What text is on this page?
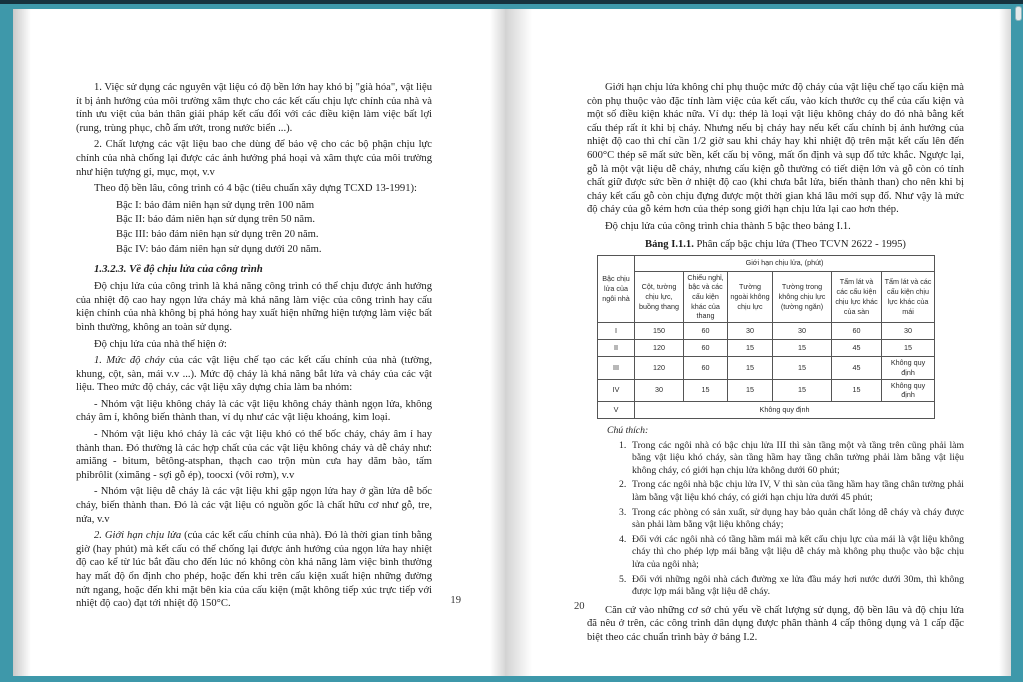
1. Việc sử dụng các nguyên vật liệu có độ bền lớn hay khó bị "già hóa", vật liệu ít bị ảnh hưởng của môi trường xâm thực cho các kết cấu chịu lực chính của nhà và tính ưu việt của bản thân giải pháp kết cấu đối với các điều kiện làm việc bất lợi (rung, trùng phục, chỗ ẩm ướt, trong nước biển ...).

2. Chất lượng các vật liệu bao che dùng để bảo vệ cho các bộ phận chịu lực chính của nhà chống lại được các ảnh hưởng phá hoại và xâm thực của môi trường như hiện tượng gỉ, mục, mọt, v.v

Theo độ bền lâu, công trình có 4 bậc (tiêu chuẩn xây dựng TCXD 13-1991):

Bậc I: bảo đảm niên hạn sử dụng trên 100 năm
Bậc II: bảo đảm niên hạn sử dụng trên 50 năm.
Bậc III: bảo đảm niên hạn sử dụng trên 20 năm.
Bậc IV: bảo đảm niên hạn sử dụng dưới 20 năm.

1.3.2.3. Về độ chịu lửa của công trình

Độ chịu lửa của công trình là khả năng công trình có thể chịu được ảnh hưởng của nhiệt độ cao hay ngọn lửa cháy mà khả năng làm việc của công trình hay cấu kiện chính của nhà không bị phá hỏng hay xuất hiện những hiện tượng làm việc bất bình thường, không an toàn sử dụng.

Độ chịu lửa của nhà thể hiện ở:

1. Mức độ cháy của các vật liệu chế tạo các kết cấu chính của nhà (tường, khung, cột, sàn, mái v.v ...). Mức độ cháy là khả năng bắt lửa và cháy của các vật liệu. Theo mức độ cháy, các vật liệu xây dựng chia làm ba nhóm:

- Nhóm vật liệu không cháy là các vật liệu không cháy thành ngọn lửa, không cháy âm ỉ, không biến thành than, ví dụ như các vật liệu khoáng, kim loại.

- Nhóm vật liệu khó cháy là các vật liệu khó có thể bốc cháy, cháy âm ỉ hay thành than. Đó thường là các hợp chất của các vật liệu không cháy và dễ cháy như: amiăng - bitum, bêtông-atsphan, thạch cao trộn mùn cưa hay dăm bào, tấm phibrôlit (ximăng - sợi gỗ ép), toocxi (vôi rơm), v.v

- Nhóm vật liệu dễ cháy là các vật liệu khi gặp ngọn lửa hay ở gần lửa dễ bốc cháy, biến thành than. Đó là các vật liệu có nguồn gốc là chất hữu cơ như gỗ, tre, nứa, v.v

2. Giới hạn chịu lửa (của các kết cấu chính của nhà). Đó là thời gian tính bằng giờ (hay phút) mà kết cấu có thể chống lại được ảnh hưởng của ngọn lửa hay nhiệt độ cao kể từ lúc bắt đầu cho đến lúc nó không còn khả năng làm việc bình thường hay mất độ ổn định cho phép, hoặc đến khi trên cấu kiện xuất hiện những đường nứt ngang, hoặc đến khi mặt bên kia của cấu kiện (mặt không tiếp xúc trực tiếp với nhiệt độ cao) đạt tới nhiệt độ 150°C.	19

Giới hạn chịu lửa không chỉ phụ thuộc mức độ cháy của vật liệu chế tạo cấu kiện mà còn phụ thuộc vào đặc tính làm việc của kết cấu, vào kích thước cụ thể của cấu kiện và một số điều kiện khác nữa. Ví dụ: thép là loại vật liệu không cháy do đó nhà bằng kết cấu thép rất ít khi bị cháy. Nhưng nếu bị cháy hay nếu kết cấu chính bị ảnh hưởng của nhiệt độ cao thì chỉ cần 1/2 giờ sau khi cháy hay khi nhiệt độ trên mặt kết cấu lên đến 600°C thép sẽ mất sức bền, kết cấu bị võng, mất ổn định và sụp đổ tức khắc. Ngược lại, gỗ là một vật liệu dễ cháy, nhưng cấu kiện gỗ thường có tiết diện lớn và gỗ còn có tính chất giữ được sức bền ở nhiệt độ cao (khi chưa bắt lửa, biến thành than) cho nên khi bị cháy kết cấu gỗ còn chịu đựng được một thời gian khá lâu mới sụp đổ. Như vậy là mức độ cháy của gỗ kém hơn của thép song giới hạn chịu lửa lại cao hơn thép.

Độ chịu lửa của công trình chia thành 5 bậc theo bảng I.1.

Bảng I.1.1. Phân cấp bậc chịu lửa (Theo TCVN 2622 - 1995)

Bậc chịu lửa của ngôi nhà	Giới hạn chịu lửa, (phút)					
	Cột, tường chịu lực, buồng thang	Chiếu nghỉ, bậc và các cấu kiện khác của thang	Tường ngoài không chịu lực	Tường trong không chịu lực (tường ngăn)	Tấm lát và các cấu kiện chịu lực khác của sàn	Tấm lát và các cấu kiện chịu lực khác của mái
I	150	60	30	30	60	30
II	120	60	15	15	45	15
III	120	60	15	15	45	Không quy định
IV	30	15	15	15	15	Không quy định
V	Không quy định					
Chú thích:
1. Trong các ngôi nhà có bậc chịu lửa III thì sàn tầng một và tầng trên cũng phải làm bằng vật liệu khó cháy, sàn tầng hầm hay tầng chân tường phải làm bằng vật liệu không cháy, có giới hạn chịu lửa không dưới 60 phút;
2. Trong các ngôi nhà bậc chịu lửa IV, V thì sàn của tầng hầm hay tầng chân tường phải làm bằng vật liệu khó cháy, có giới hạn chịu lửa dưới 45 phút;
3. Trong các phòng có sản xuất, sử dụng hay bảo quản chất lỏng dễ cháy và cháy được sàn phải làm bằng vật liệu không cháy;
4. Đối với các ngôi nhà có tầng hầm mái mà kết cấu chịu lực của mái là vật liệu không cháy thì cho phép lợp mái bằng vật liệu dễ cháy mà không phụ thuộc vào bậc chịu lửa của ngôi nhà;
5. Đối với những ngôi nhà cách đường xe lửa đầu máy hơi nước dưới 30m, thì không được lợp mái bằng vật liệu dễ cháy.

Căn cứ vào những cơ sở chủ yếu về chất lượng sử dụng, độ bền lâu và độ chịu lửa đã nêu ở trên, các công trình dân dụng được phân thành 4 cấp thông dụng và 1 cấp đặc biệt theo các chuẩn trình bày ở bảng I.2.

20
